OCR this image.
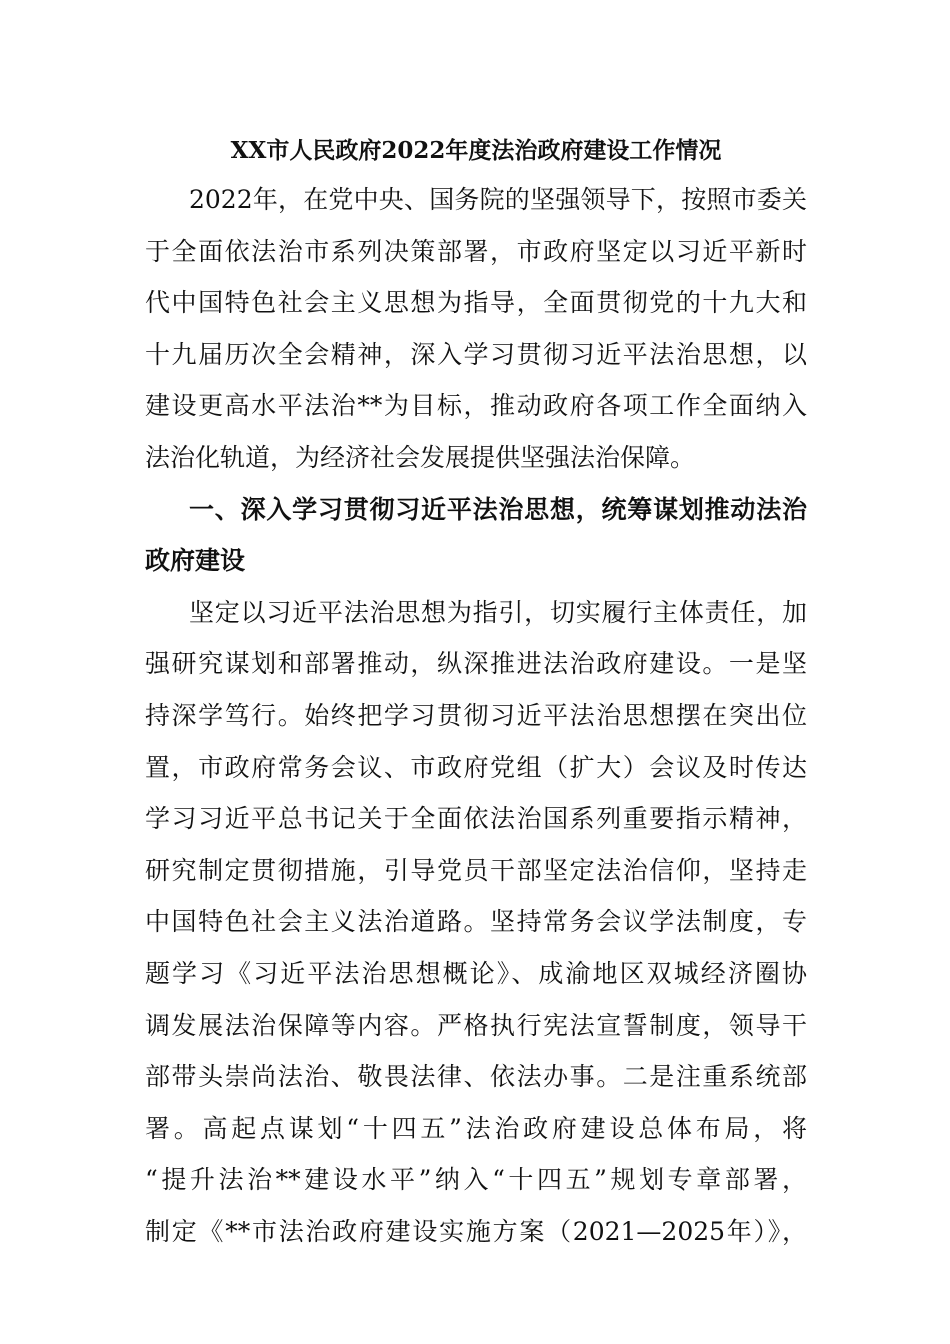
XX市人民政府2022年度法治政府建设工作情况

2022年，在党中央、国务院的坚强领导下，按照市委关

于全面依法治市系列决策部署，市政府坚定以习近平新时

代中国特色社会主义思想为指导，全面贯彻党的十九大和

十九届历次全会精神，深入学习贯彻习近平法治思想，以

建设更高水平法治**为目标，推动政府各项工作全面纳入

法治化轨道，为经济社会发展提供坚强法治保障。

一、深入学习贯彻习近平法治思想，统筹谋划推动法治

政府建设

坚定以习近平法治思想为指引，切实履行主体责任，加

强研究谋划和部署推动，纵深推进法治政府建设。一是坚

持深学笃行。始终把学习贯彻习近平法治思想摆在突出位

置，市政府常务会议、市政府党组（扩大）会议及时传达

学习习近平总书记关于全面依法治国系列重要指示精神，

研究制定贯彻措施，引导党员干部坚定法治信仰，坚持走

中国特色社会主义法治道路。坚持常务会议学法制度，专

题学习《习近平法治思想概论》、成渝地区双城经济圈协

调发展法治保障等内容。严格执行宪法宣誓制度，领导干

部带头崇尚法治、敬畏法律、依法办事。二是注重系统部

署。高起点谋划“十四五”法治政府建设总体布局，将

“提升法治**建设水平”纳入“十四五”规划专章部署，

制定《**市法治政府建设实施方案（2021—2025年）》，
